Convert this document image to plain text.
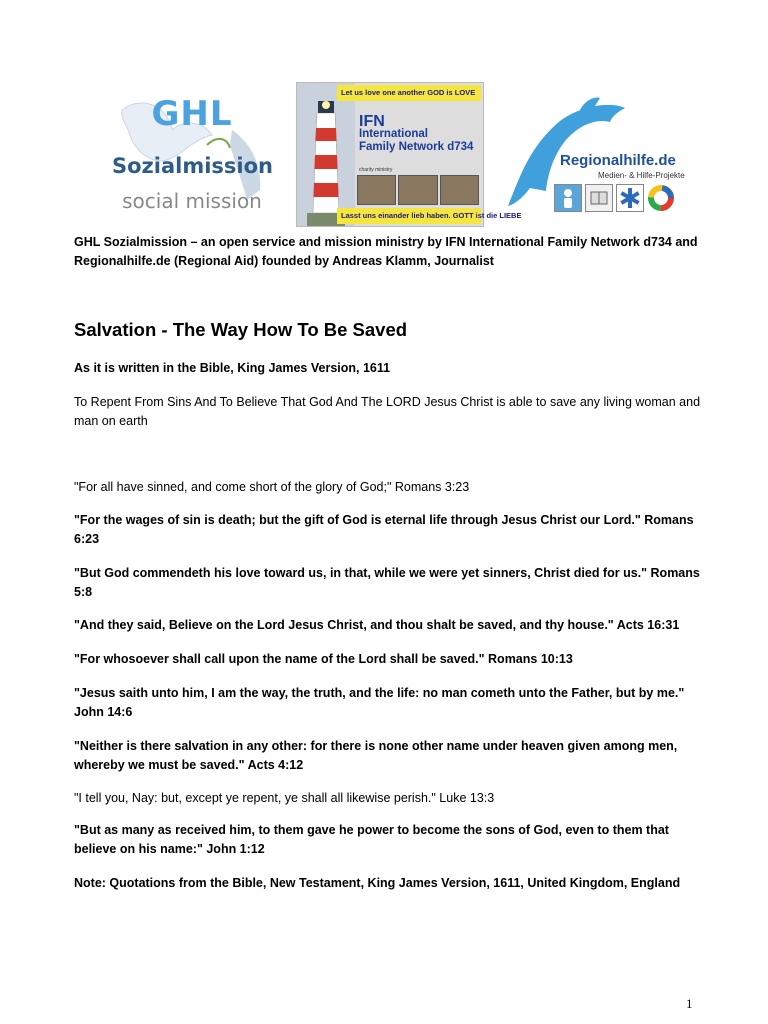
GHL
Sozialmission
social mission
Let us love one another GOD is LOVE
IFN
International
Family Network d734
charity ministry
Lasst uns einander lieb haben. GOTT ist die LIEBE
Regionalhilfe.de
Medien- & Hilfe-Projekte

GHL Sozialmission – an open service and mission ministry by IFN International Family Network d734 and Regionalhilfe.de (Regional Aid) founded by Andreas Klamm, Journalist

Salvation - The Way How To Be Saved

As it is written in the Bible, King James Version, 1611

To Repent From Sins And To Believe That God And The LORD Jesus Christ is able to save any living woman and man on earth

"For all have sinned, and come short of the glory of God;" Romans 3:23

"For the wages of sin is death; but the gift of God is eternal life through Jesus Christ our Lord." Romans 6:23

"But God commendeth his love toward us, in that, while we were yet sinners, Christ died for us." Romans 5:8

"And they said, Believe on the Lord Jesus Christ, and thou shalt be saved, and thy house." Acts 16:31

"For whosoever shall call upon the name of the Lord shall be saved." Romans 10:13

"Jesus saith unto him, I am the way, the truth, and the life: no man cometh unto the Father, but by me." John 14:6

"Neither is there salvation in any other: for there is none other name under heaven given among men, whereby we must be saved." Acts 4:12

"I tell you, Nay: but, except ye repent, ye shall all likewise perish." Luke 13:3

"But as many as received him, to them gave he power to become the sons of God, even to them that believe on his name:" John 1:12

Note: Quotations from the Bible, New Testament, King James Version, 1611, United Kingdom, England

1
